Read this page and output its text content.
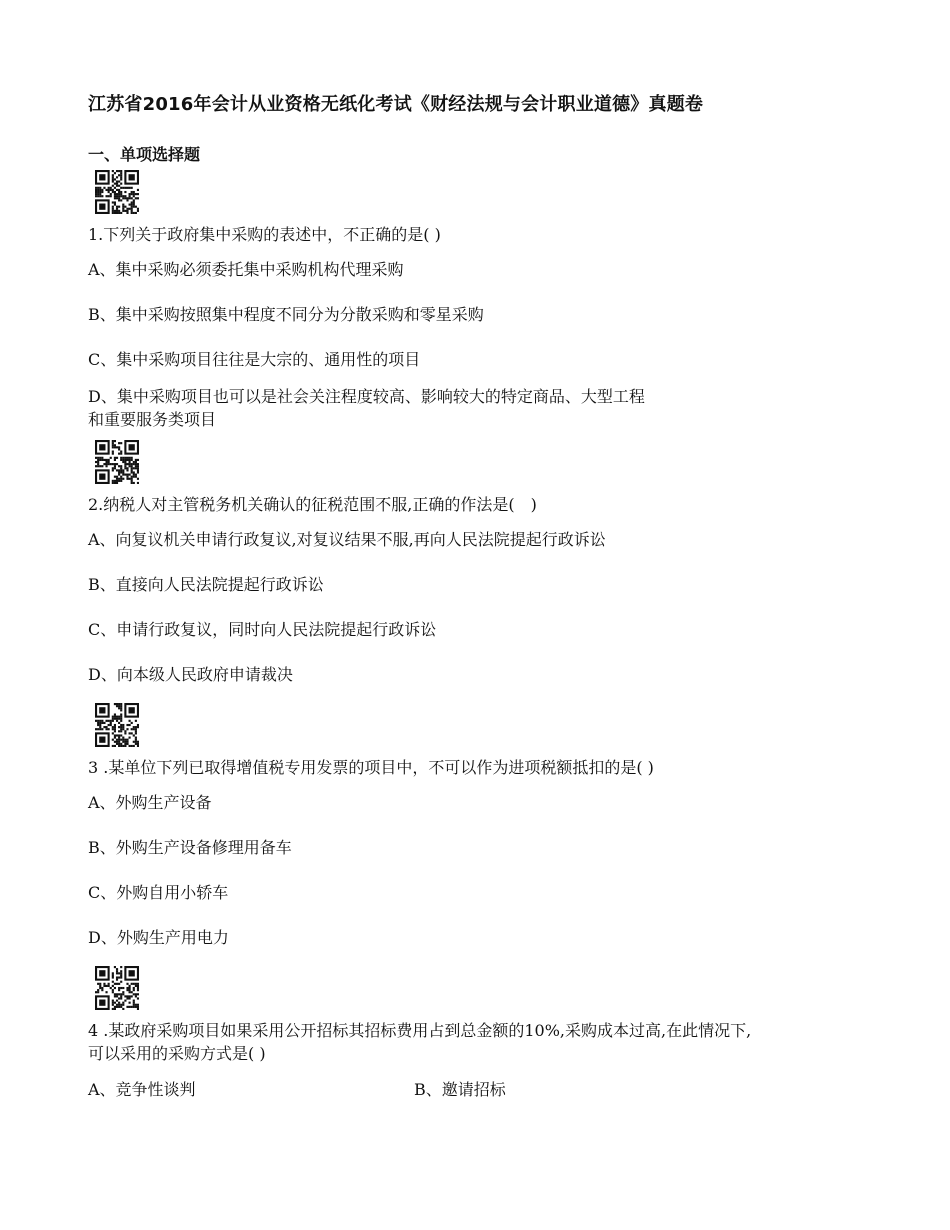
江苏省2016年会计从业资格无纸化考试《财经法规与会计职业道德》真题卷
一、单项选择题
1.下列关于政府集中采购的表述中，不正确的是( )
A、集中采购必须委托集中采购机构代理采购
B、集中采购按照集中程度不同分为分散采购和零星采购
C、集中采购项目往往是大宗的、通用性的项目
D、集中采购项目也可以是社会关注程度较高、影响较大的特定商品、大型工程
和重要服务类项目
2.纳税人对主管税务机关确认的征税范围不服,正确的作法是(　)
A、向复议机关申请行政复议,对复议结果不服,再向人民法院提起行政诉讼
B、直接向人民法院提起行政诉讼
C、申请行政复议，同时向人民法院提起行政诉讼
D、向本级人民政府申请裁决
3 .某单位下列已取得增值税专用发票的项目中，不可以作为进项税额抵扣的是( )
A、外购生产设备
B、外购生产设备修理用备车
C、外购自用小轿车
D、外购生产用电力
4 .某政府采购项目如果采用公开招标其招标费用占到总金额的10%,采购成本过高,在此情况下,
可以采用的采购方式是( )
A、竞争性谈判	B、邀请招标
